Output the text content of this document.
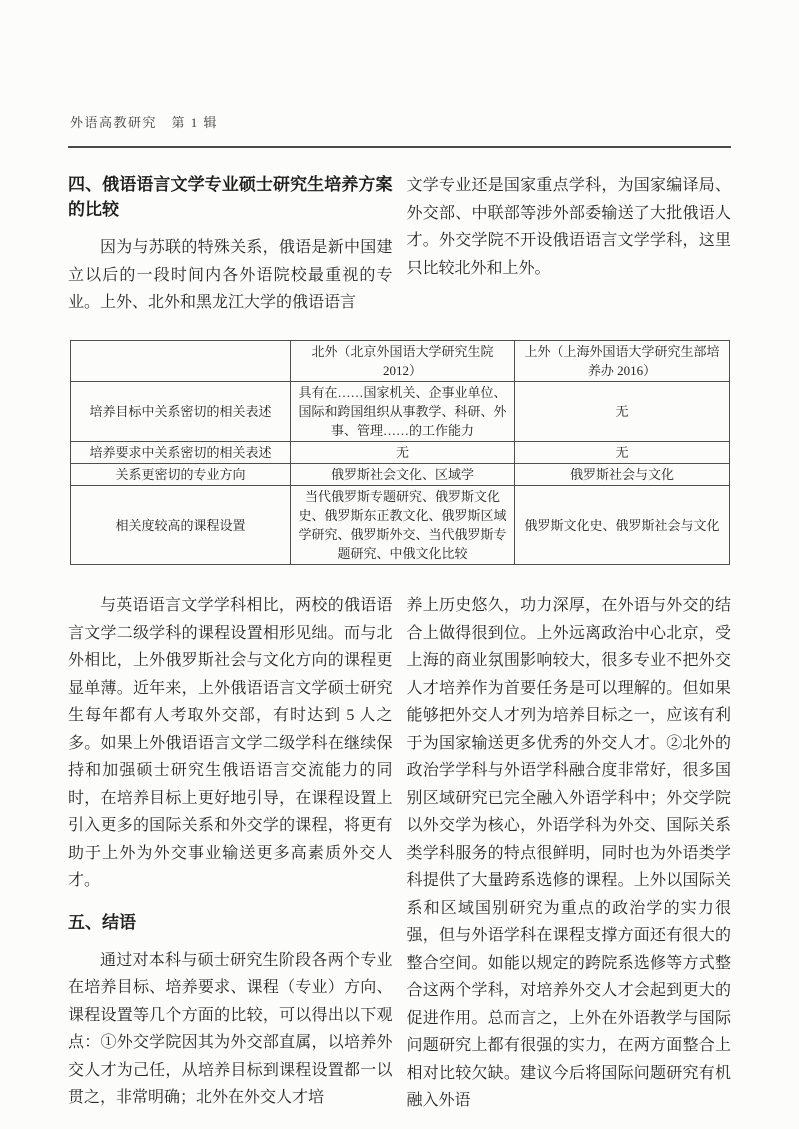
外语高教研究　第 1 辑
四、俄语语言文学专业硕士研究生培养方案的比较

因为与苏联的特殊关系，俄语是新中国建立以后的一段时间内各外语院校最重视的专业。上外、北外和黑龙江大学的俄语语言

文学专业还是国家重点学科，为国家编译局、外交部、中联部等涉外部委输送了大批俄语人才。外交学院不开设俄语语言文学学科，这里只比较北外和上外。

	北外（北京外国语大学研究生院 2012）	上外（上海外国语大学研究生部培养办 2016）
培养目标中关系密切的相关表述	具有在……国家机关、企事业单位、国际和跨国组织从事教学、科研、外事、管理……的工作能力	无
培养要求中关系密切的相关表述	无	无
关系更密切的专业方向	俄罗斯社会文化、区域学	俄罗斯社会与文化
相关度较高的课程设置	当代俄罗斯专题研究、俄罗斯文化史、俄罗斯东正教文化、俄罗斯区域学研究、俄罗斯外交、当代俄罗斯专题研究、中俄文化比较	俄罗斯文化史、俄罗斯社会与文化

与英语语言文学学科相比，两校的俄语语言文学二级学科的课程设置相形见绌。而与北外相比，上外俄罗斯社会与文化方向的课程更显单薄。近年来，上外俄语语言文学硕士研究生每年都有人考取外交部，有时达到 5 人之多。如果上外俄语语言文学二级学科在继续保持和加强硕士研究生俄语语言交流能力的同时，在培养目标上更好地引导，在课程设置上引入更多的国际关系和外交学的课程，将更有助于上外为外交事业输送更多高素质外交人才。

五、结语

通过对本科与硕士研究生阶段各两个专业在培养目标、培养要求、课程（专业）方向、课程设置等几个方面的比较，可以得出以下观点：①外交学院因其为外交部直属，以培养外交人才为己任，从培养目标到课程设置都一以贯之，非常明确；北外在外交人才培

养上历史悠久，功力深厚，在外语与外交的结合上做得很到位。上外远离政治中心北京，受上海的商业氛围影响较大，很多专业不把外交人才培养作为首要任务是可以理解的。但如果能够把外交人才列为培养目标之一，应该有利于为国家输送更多优秀的外交人才。②北外的政治学学科与外语学科融合度非常好，很多国别区域研究已完全融入外语学科中；外交学院以外交学为核心，外语学科为外交、国际关系类学科服务的特点很鲜明，同时也为外语类学科提供了大量跨系选修的课程。上外以国际关系和区域国别研究为重点的政治学的实力很强，但与外语学科在课程支撑方面还有很大的整合空间。如能以规定的跨院系选修等方式整合这两个学科，对培养外交人才会起到更大的促进作用。总而言之，上外在外语教学与国际问题研究上都有很强的实力，在两方面整合上相对比较欠缺。建议今后将国际问题研究有机融入外语
